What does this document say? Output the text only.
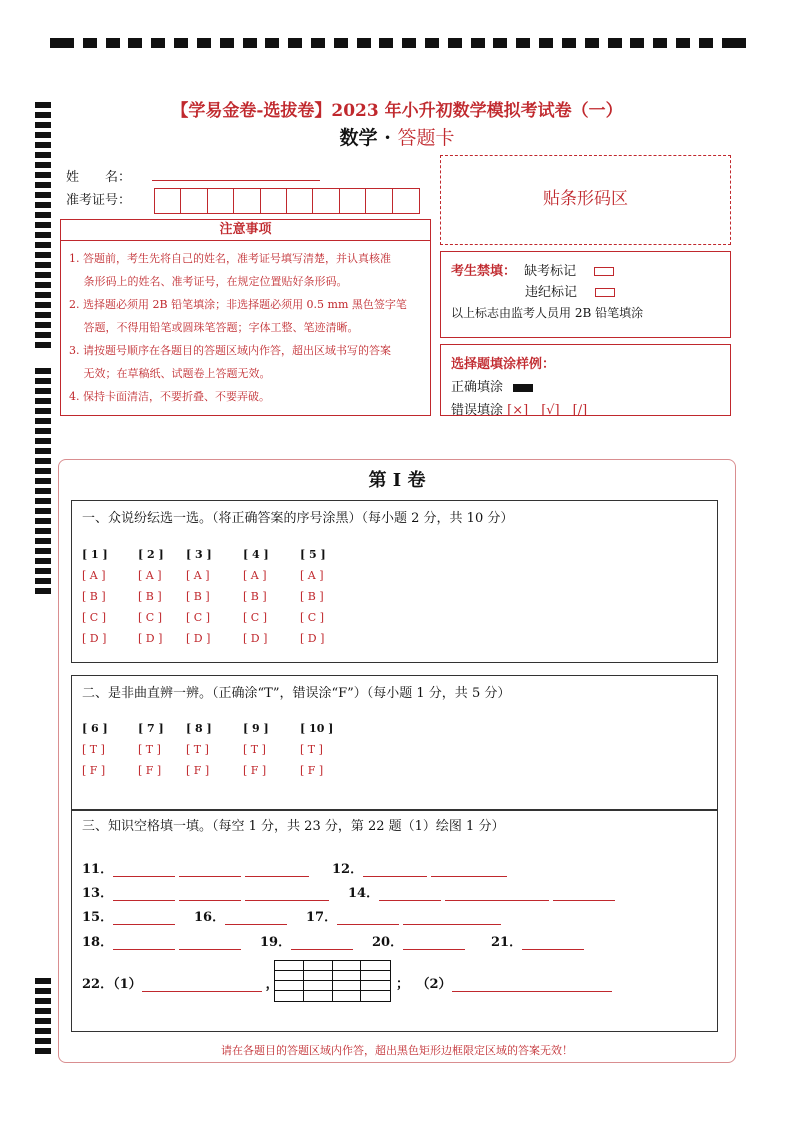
【学易金卷-选拔卷】2023 年小升初数学模拟考试卷（一）
数学 · 答题卡
姓　　名：
准考证号：
注意事项
1. 答题前，考生先将自己的姓名，准考证号填写清楚，并认真核准
　 条形码上的姓名、准考证号，在规定位置贴好条形码。
2. 选择题必须用 2B 铅笔填涂；非选择题必须用 0.5 mm 黑色签字笔
　 答题，不得用铅笔或圆珠笔答题；字体工整、笔迹清晰。
3. 请按题号顺序在各题目的答题区域内作答，超出区域书写的答案
　 无效；在草稿纸、试题卷上答题无效。
4. 保持卡面清洁，不要折叠、不要弄破。
贴条形码区
考生禁填： 缺考标记
违纪标记
以上标志由监考人员用 2B 铅笔填涂
选择题填涂样例：
正确填涂
错误填涂 [×]　[√]　[/]
第 Ⅰ 卷
一、众说纷纭选一选。（将正确答案的序号涂黑）（每小题 2 分，共 10 分）
[ 1 ]	[ 2 ]	[ 3 ]	[ 4 ]	[ 5 ]
[ A ]	[ A ]	[ A ]	[ A ]	[ A ]
[ B ]	[ B ]	[ B ]	[ B ]	[ B ]
[ C ]	[ C ]	[ C ]	[ C ]	[ C ]
[ D ]	[ D ]	[ D ]	[ D ]	[ D ]
二、是非曲直辨一辨。（正确涂“T”，错误涂“F”）（每小题 1 分，共 5 分）
[ 6 ]	[ 7 ]	[ 8 ]	[ 9 ]	[ 10 ]
[ T ]	[ T ]	[ T ]	[ T ]	[ T ]
[ F ]	[ F ]	[ F ]	[ F ]	[ F ]
三、知识空格填一填。（每空 1 分，共 23 分，第 22 题（1）绘图 1 分）
11．	12．
13．	14．
15．	16．	17．
18．	19．	20．	21．
22．（1）	，	； （2）
请在各题目的答题区域内作答，超出黑色矩形边框限定区域的答案无效！
